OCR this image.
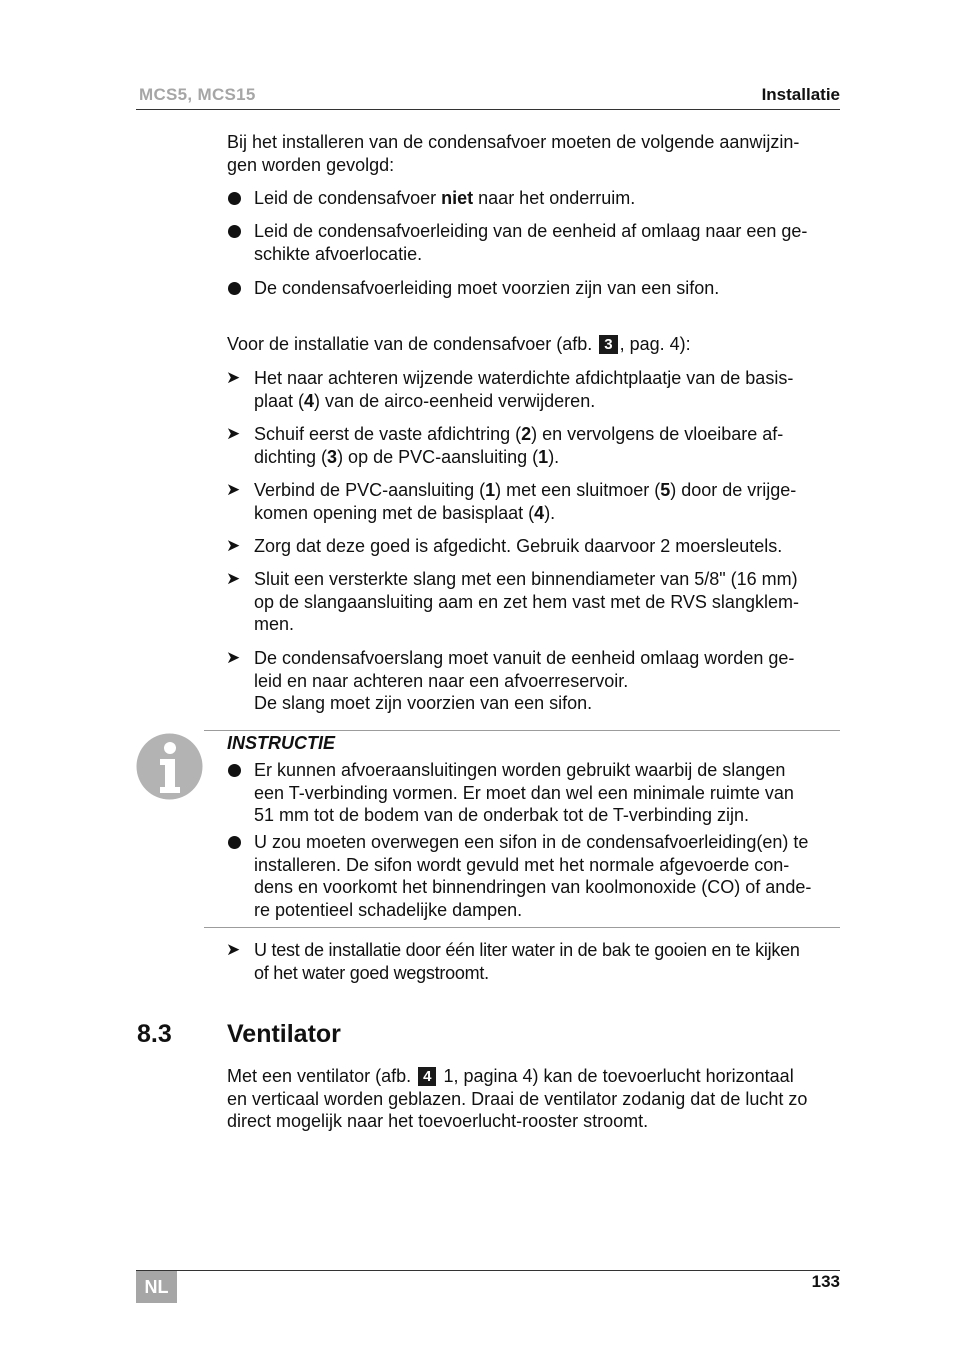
MCS5, MCS15	Installatie

Bij het installeren van de condensafvoer moeten de volgende aanwijzin-
gen worden gevolgd:

Leid de condensafvoer niet naar het onderruim.

Leid de condensafvoerleiding van de eenheid af omlaag naar een ge-
schikte afvoerlocatie.

De condensafvoerleiding moet voorzien zijn van een sifon.

Voor de installatie van de condensafvoer (afb. 3 , pag. 4):

➤ Het naar achteren wijzende waterdichte afdichtplaatje van de basis-
plaat (4) van de airco-eenheid verwijderen.

➤ Schuif eerst de vaste afdichtring (2) en vervolgens de vloeibare af-
dichting (3) op de PVC-aansluiting (1).

➤ Verbind de PVC-aansluiting (1) met een sluitmoer (5) door de vrijge-
komen opening met de basisplaat (4).

➤ Zorg dat deze goed is afgedicht. Gebruik daarvoor 2 moersleutels.

➤ Sluit een versterkte slang met een binnendiameter van 5/8" (16 mm)
op de slangaansluiting aam en zet hem vast met de RVS slangklem-
men.

➤ De condensafvoerslang moet vanuit de eenheid omlaag worden ge-
leid en naar achteren naar een afvoerreservoir.
De slang moet zijn voorzien van een sifon.

INSTRUCTIE

Er kunnen afvoeraansluitingen worden gebruikt waarbij de slangen
een T-verbinding vormen. Er moet dan wel een minimale ruimte van
51 mm tot de bodem van de onderbak tot de T-verbinding zijn.

U zou moeten overwegen een sifon in de condensafvoerleiding(en) te
installeren. De sifon wordt gevuld met het normale afgevoerde con-
dens en voorkomt het binnendringen van koolmonoxide (CO) of ande-
re potentieel schadelijke dampen.

➤ U test de installatie door één liter water in de bak te gooien en te kijken
of het water goed wegstroomt.

8.3 Ventilator

Met een ventilator (afb. 4 1, pagina 4) kan de toevoerlucht horizontaal
en verticaal worden geblazen. Draai de ventilator zodanig dat de lucht zo
direct mogelijk naar het toevoerlucht-rooster stroomt.

NL	133
